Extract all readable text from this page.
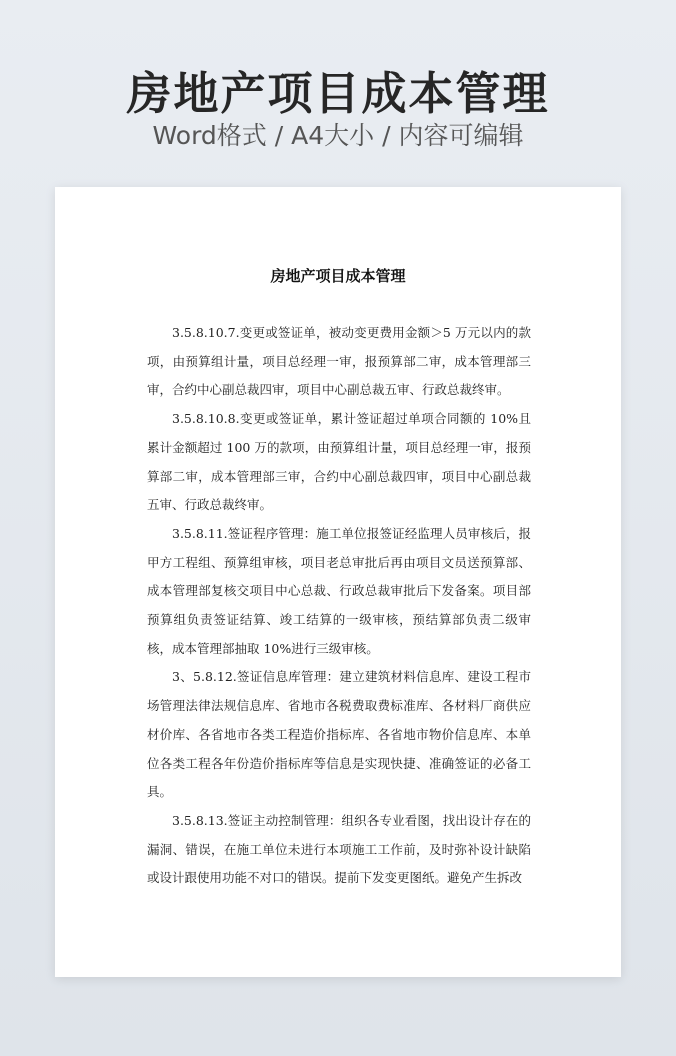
房地产项目成本管理
Word格式 / A4大小 / 内容可编辑
房地产项目成本管理

3.5.8.10.7.变更或签证单，被动变更费用金额＞5 万元以内的款项，由预算组计量，项目总经理一审，报预算部二审，成本管理部三审，合约中心副总裁四审，项目中心副总裁五审、行政总裁终审。

3.5.8.10.8.变更或签证单，累计签证超过单项合同额的 10%且累计金额超过 100 万的款项，由预算组计量，项目总经理一审，报预算部二审，成本管理部三审，合约中心副总裁四审，项目中心副总裁五审、行政总裁终审。

3.5.8.11.签证程序管理：施工单位报签证经监理人员审核后，报甲方工程组、预算组审核，项目老总审批后再由项目文员送预算部、成本管理部复核交项目中心总裁、行政总裁审批后下发备案。项目部预算组负责签证结算、竣工结算的一级审核，预结算部负责二级审核，成本管理部抽取 10%进行三级审核。

3、5.8.12.签证信息库管理：建立建筑材料信息库、建设工程市场管理法律法规信息库、省地市各税费取费标准库、各材料厂商供应材价库、各省地市各类工程造价指标库、各省地市物价信息库、本单位各类工程各年份造价指标库等信息是实现快捷、准确签证的必备工具。

3.5.8.13.签证主动控制管理：组织各专业看图，找出设计存在的漏洞、错误，在施工单位未进行本项施工工作前，及时弥补设计缺陷或设计跟使用功能不对口的错误。提前下发变更图纸。避免产生拆改
